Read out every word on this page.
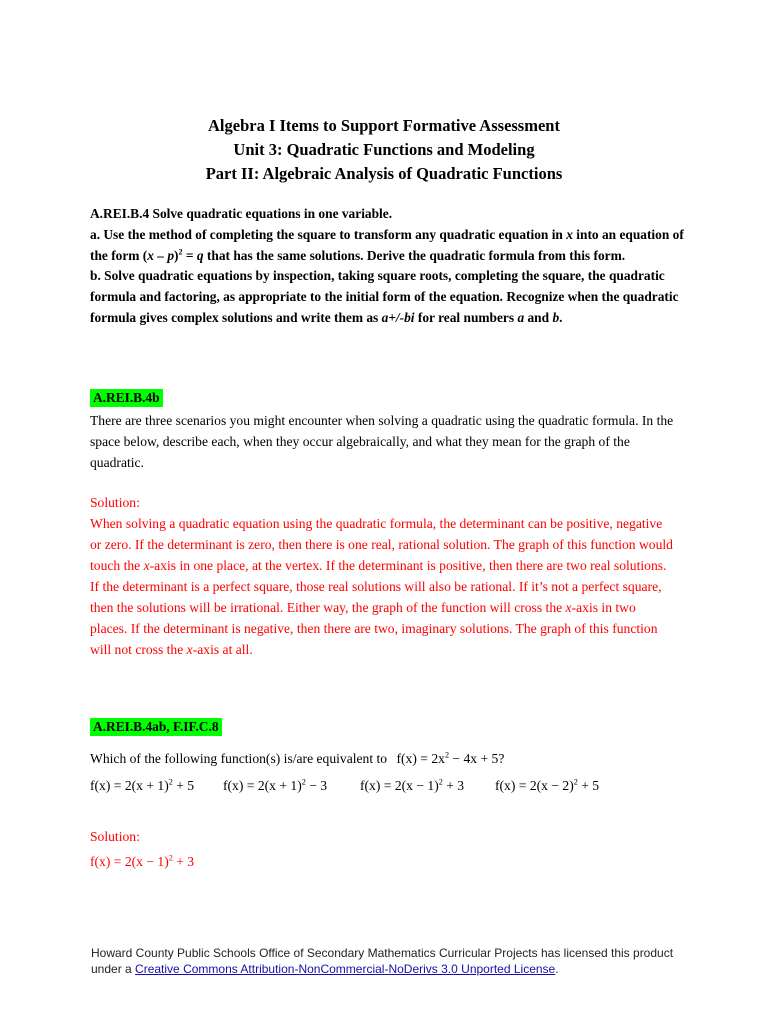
Algebra I Items to Support Formative Assessment

Unit 3: Quadratic Functions and Modeling

Part II: Algebraic Analysis of Quadratic Functions

A.REI.B.4 Solve quadratic equations in one variable.

a. Use the method of completing the square to transform any quadratic equation in x into an equation of the form (x – p)$^2$ = q that has the same solutions. Derive the quadratic formula from this form.

b. Solve quadratic equations by inspection, taking square roots, completing the square, the quadratic formula and factoring, as appropriate to the initial form of the equation. Recognize when the quadratic formula gives complex solutions and write them as a+/-bi for real numbers a and b.

A.REI.B.4b
There are three scenarios you might encounter when solving a quadratic using the quadratic formula. In the space below, describe each, when they occur algebraically, and what they mean for the graph of the quadratic.

Solution:

When solving a quadratic equation using the quadratic formula, the determinant can be positive, negative or zero. If the determinant is zero, then there is one real, rational solution. The graph of this function would touch the x-axis in one place, at the vertex. If the determinant is positive, then there are two real solutions. If the determinant is a perfect square, those real solutions will also be rational. If it’s not a perfect square, then the solutions will be irrational. Either way, the graph of the function will cross the x-axis in two places. If the determinant is negative, then there are two, imaginary solutions. The graph of this function will not cross the x-axis at all.

A.REI.B.4ab, F.IF.C.8
Which of the following function(s) is/are equivalent to $f(x) = 2x^2 - 4x + 5$?
$f(x) = 2(x + 1)^2 + 5$	$f(x) = 2(x + 1)^2 - 3$	$f(x) = 2(x - 1)^2 + 3$	$f(x) = 2(x - 2)^2 + 5$
Solution:
$f(x) = 2(x - 1)^2 + 3$
Howard County Public Schools Office of Secondary Mathematics Curricular Projects has licensed this product under a Creative Commons Attribution-NonCommercial-NoDerivs 3.0 Unported License.
